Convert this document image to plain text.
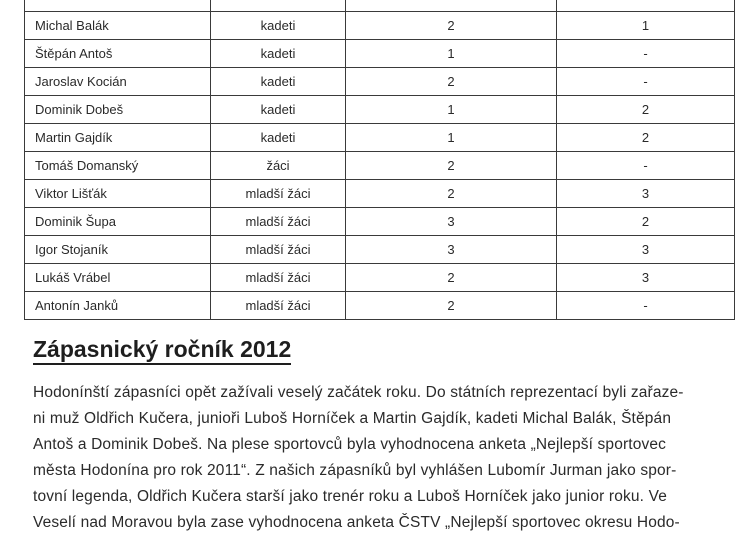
Michal Balák	kadeti	2	1
Štěpán Antoš	kadeti	1	-
Jaroslav Kocián	kadeti	2	-
Dominik Dobeš	kadeti	1	2
Martin Gajdík	kadeti	1	2
Tomáš Domanský	žáci	2	-
Viktor Lišťák	mladší žáci	2	3
Dominik Šupa	mladší žáci	3	2
Igor Stojaník	mladší žáci	3	3
Lukáš Vrábel	mladší žáci	2	3
Antonín Janků	mladší žáci	2	-
Zápasnický ročník 2012

Hodonínští zápasníci opět zažívali veselý začátek roku. Do státních reprezentací byli zařaze-
ni muž Oldřich Kučera, junioři Luboš Horníček a Martin Gajdík, kadeti Michal Balák, Štěpán
Antoš a Dominik Dobeš. Na plese sportovců byla vyhodnocena anketa „Nejlepší sportovec
města Hodonína pro rok 2011“. Z našich zápasníků byl vyhlášen Lubomír Jurman jako spor-
tovní legenda, Oldřich Kučera starší jako trenér roku a Luboš Horníček jako junior roku. Ve
Veselí nad Moravou byla zase vyhodnocena anketa ČSTV „Nejlepší sportovec okresu Hodo-
